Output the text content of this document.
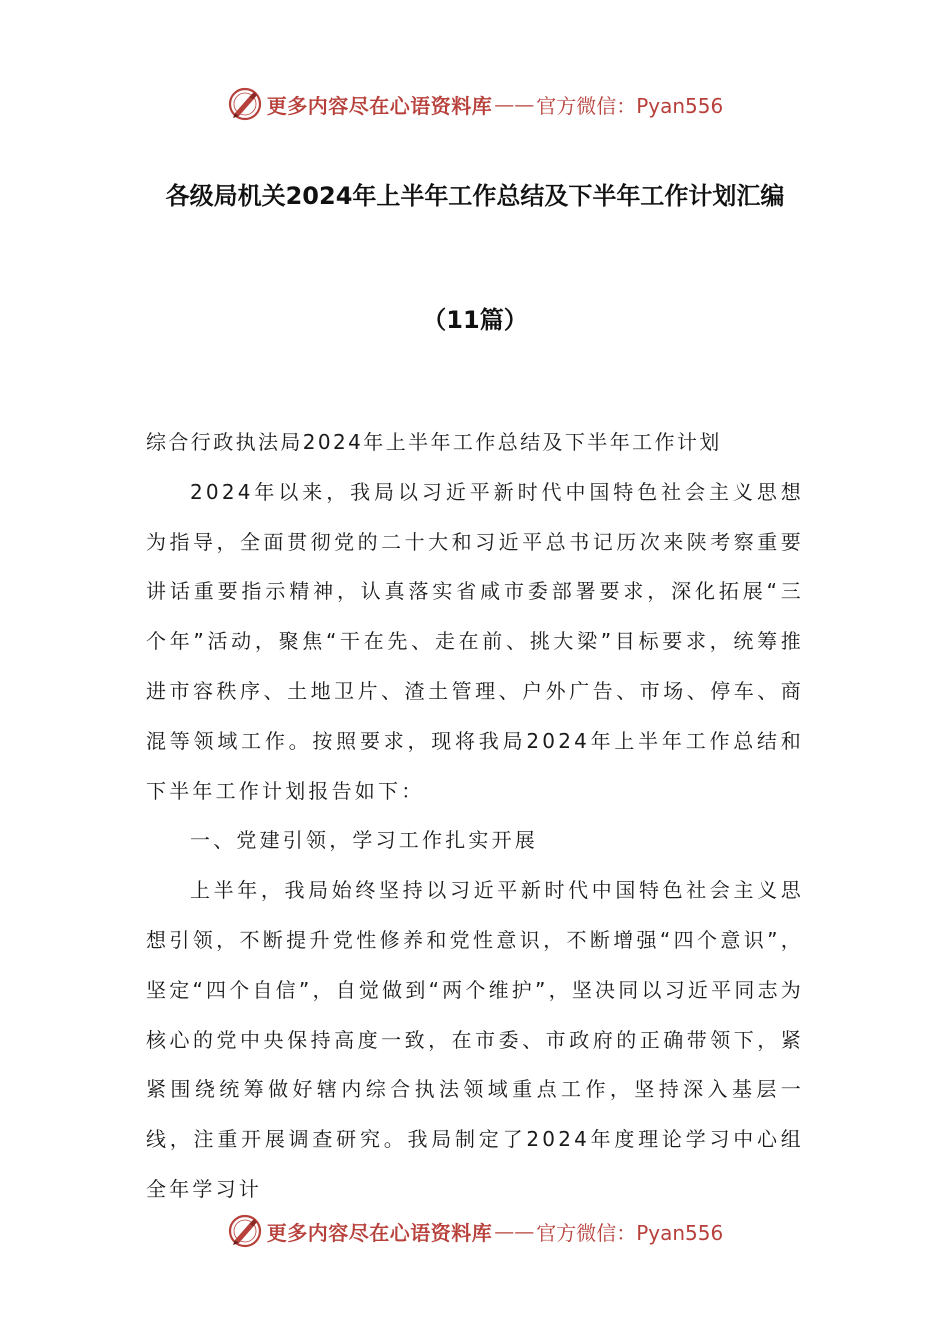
更多内容尽在心语资料库 —— 官方微信：Pyan556
各级局机关2024年上半年工作总结及下半年工作计划汇编
（11篇）

综合行政执法局2024年上半年工作总结及下半年工作计划

2024年以来，我局以习近平新时代中国特色社会主义思想为指导，全面贯彻党的二十大和习近平总书记历次来陕考察重要讲话重要指示精神，认真落实省咸市委部署要求，深化拓展“三个年”活动，聚焦“干在先、走在前、挑大梁”目标要求，统筹推进市容秩序、土地卫片、渣土管理、户外广告、市场、停车、商混等领域工作。按照要求，现将我局2024年上半年工作总结和下半年工作计划报告如下：

一、党建引领，学习工作扎实开展

上半年，我局始终坚持以习近平新时代中国特色社会主义思想引领，不断提升党性修养和党性意识，不断增强“四个意识”，坚定“四个自信”，自觉做到“两个维护”，坚决同以习近平同志为核心的党中央保持高度一致，在市委、市政府的正确带领下，紧紧围绕统筹做好辖内综合执法领域重点工作，坚持深入基层一线，注重开展调查研究。我局制定了2024年度理论学习中心组全年学习计

更多内容尽在心语资料库 —— 官方微信：Pyan556
